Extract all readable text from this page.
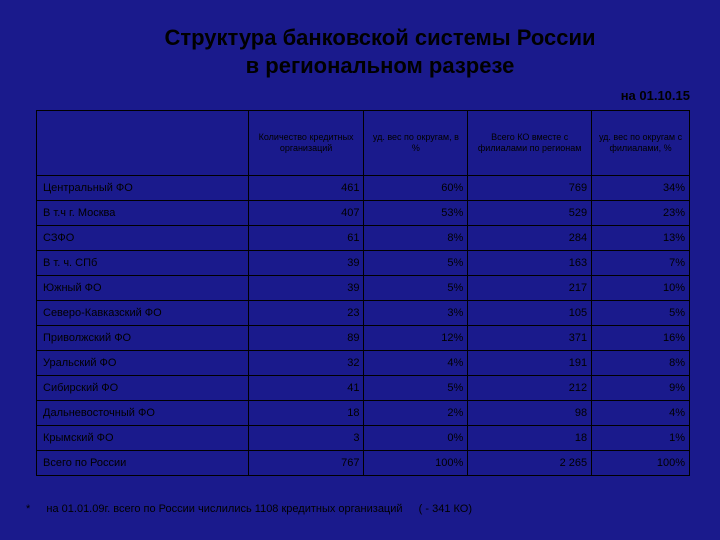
Структура банковской системы России
в региональном разрезе
на 01.10.15
	Количество кредитных организаций	уд. вес по округам, в %	Всего КО вместе с филиалами по регионам	уд. вес по округам с филиалами, %
Центральный ФО	461	60%	769	34%
В т.ч г. Москва	407	53%	529	23%
СЗФО	61	8%	284	13%
В т. ч. СПб	39	5%	163	7%
Южный ФО	39	5%	217	10%
Северо-Кавказский ФО	23	3%	105	5%
Приволжский ФО	89	12%	371	16%
Уральский ФО	32	4%	191	8%
Сибирский ФО	41	5%	212	9%
Дальневосточный ФО	18	2%	98	4%
Крымский ФО	3	0%	18	1%
Всего по России	767	100%	2 265	100%
* на 01.01.09г. всего по России числились 1108 кредитных организаций ( - 341 КО)
